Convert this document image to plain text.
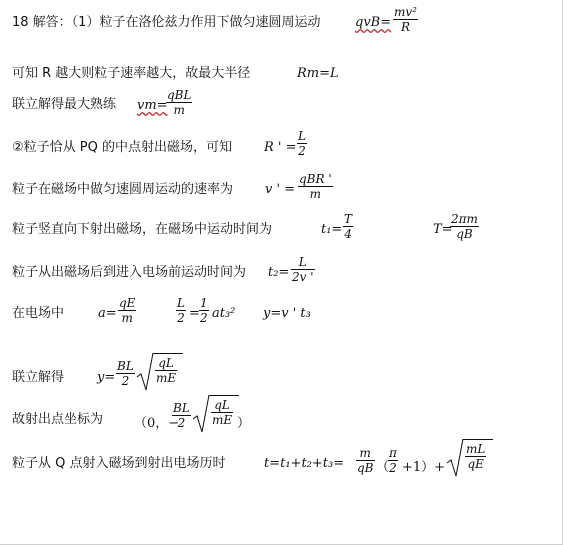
18 解答：（1）粒子在洛伦兹力作用下做匀速圆周运动	$qvB= \frac{\text{mv²}}{R}$
可知 R 越大则粒子速率越大，故最大半径	Rm=L
联立解得最大熟练 vm=
qBL
m
②粒子恰从 PQ 的中点射出磁场，可知 R ' = $\frac{L}{2}$
粒子在磁场中做匀速圆周运动的速率为 v ' =
qBR '
m
粒子竖直向下射出磁场，在磁场中运动时间为	$t_1= \frac{T}{4}$	T=
$\frac{2\pi m}{qB}$
粒子从出磁场后到进入电场前运动时间为 $t_2= \frac{L}{2v '}$
在电场中	$a= \frac{qE}{m}$	$\frac{L}{2} = \frac{1}{2} at_3^2$ y=v ' t₃
联立解得	$y= \frac{BL}{2} \frac{qL}{mE}$
故射出点坐标为 （0，−
$\frac{BL}{2} \frac{qL}{mE}$ ）
粒子从 Q 点射入磁场到射出电场历时	$t=t_1+t_2+t_3= \frac{m}{qB}$ （
$\frac{\pi}{2} +1)+ \frac{mL}{qE}$
